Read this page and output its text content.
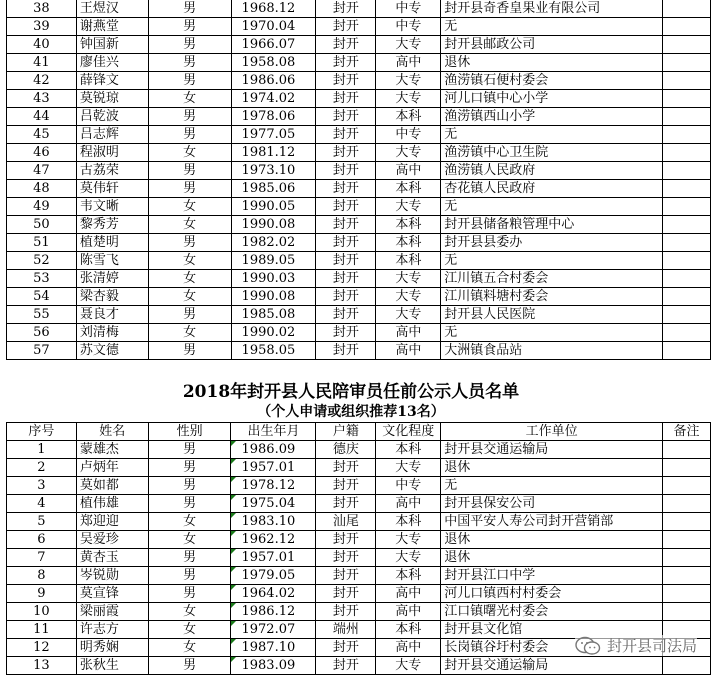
38	王煜汉	男	1968.12	封开	中专	封开县奇香皇果业有限公司	
39	谢燕堂	男	1970.04	封开	中专	无	
40	钟国新	男	1966.07	封开	大专	封开县邮政公司	
41	廖佳兴	男	1958.08	封开	高中	退休	
42	薛锋文	男	1986.06	封开	大专	渔涝镇石便村委会	
43	莫锐琼	女	1974.02	封开	大专	河儿口镇中心小学	
44	吕乾波	男	1978.06	封开	本科	渔涝镇西山小学	
45	吕志辉	男	1977.05	封开	中专	无	
46	程淑明	女	1981.12	封开	大专	渔涝镇中心卫生院	
47	古荔荣	男	1973.10	封开	高中	渔涝镇人民政府	
48	莫伟轩	男	1985.06	封开	本科	杏花镇人民政府	
49	韦文晰	女	1990.05	封开	大专	无	
50	黎秀芳	女	1990.08	封开	本科	封开县储备粮管理中心	
51	植楚明	男	1982.02	封开	本科	封开县县委办	
52	陈雪飞	女	1989.05	封开	本科	无	
53	张清婷	女	1990.03	封开	大专	江川镇五合村委会	
54	梁杏毅	女	1990.08	封开	大专	江川镇料塘村委会	
55	聂良才	男	1985.08	封开	大专	封开县人民医院	
56	刘清梅	女	1990.02	封开	高中	无	
57	苏文德	男	1958.05	封开	高中	大洲镇食品站	
2018年封开县人民陪审员任前公示人员名单
（个人申请或组织推荐13名）
序号	姓名	性别	出生年月	户籍	文化程度	工作单位	备注
1	蒙雄杰	男	1986.09	德庆	本科	封开县交通运输局	
2	卢炳年	男	1957.01	封开	大专	退休	
3	莫如都	男	1978.12	封开	中专	无	
4	植伟雄	男	1975.04	封开	高中	封开县保安公司	
5	郑迎迎	女	1983.10	汕尾	本科	中国平安人寿公司封开营销部	
6	吴爱珍	女	1962.12	封开	大专	退休	
7	黄杏玉	男	1957.01	封开	大专	退休	
8	岑锐勋	男	1979.05	封开	本科	封开县江口中学	
9	莫宣锋	男	1964.02	封开	高中	河儿口镇西村村委会	
10	梁丽霞	女	1986.12	封开	高中	江口镇曙光村委会	
11	许志方	女	1972.07	端州	本科	封开县文化馆	
12	明秀娴	女	1987.10	封开	高中	长岗镇谷圩村委会	
13	张秋生	男	1983.09	封开	大专	封开县交通运输局	
封开县司法局
